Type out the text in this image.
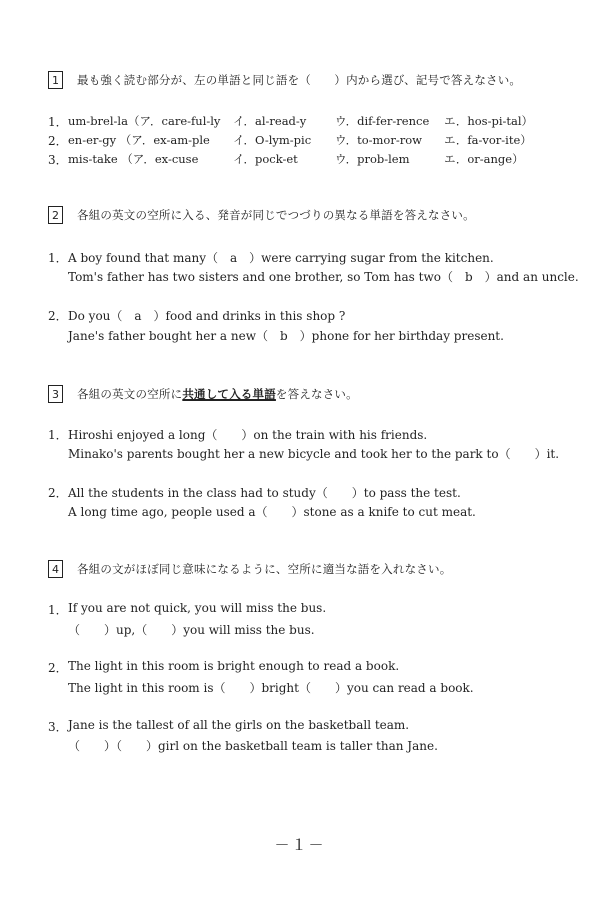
1	最も強く読む部分が、左の単語と同じ語を（　　）内から選び、記号で答えなさい。
1． um-brel-la（ア．care-ful-ly イ．al-read-y ウ．dif-fer-rence エ．hos-pi-tal）
2． en-er-gy （ア．ex-am-ple イ．O-lym-pic ウ．to-mor-row エ．fa-vor-ite）
3． mis-take （ア．ex-cuse	イ．pock-et	ウ．prob-lem	エ．or-ange）
2	各組の英文の空所に入る、発音が同じでつづりの異なる単語を答えなさい。
1． A boy found that many（　a　）were carrying sugar from the kitchen.
Tom's father has two sisters and one brother, so Tom has two（　b　）and an uncle.
2． Do you（　a　）food and drinks in this shop ?
Jane's father bought her a new（　b　）phone for her birthday present.
3	各組の英文の空所に共通して入る単語を答えなさい。
1． Hiroshi enjoyed a long（　　）on the train with his friends.
Minako's parents bought her a new bicycle and took her to the park to（　　）it.
2． All the students in the class had to study（　　）to pass the test.
A long time ago, people used a（　　）stone as a knife to cut meat.
4	各組の文がほぼ同じ意味になるように、空所に適当な語を入れなさい。
1． If you are not quick, you will miss the bus.
（　　）up,（　　）you will miss the bus.
2． The light in this room is bright enough to read a book.
The light in this room is（　　）bright（　　）you can read a book.
3． Jane is the tallest of all the girls on the basketball team.
（　　）（　　）girl on the basketball team is taller than Jane.
－１－
